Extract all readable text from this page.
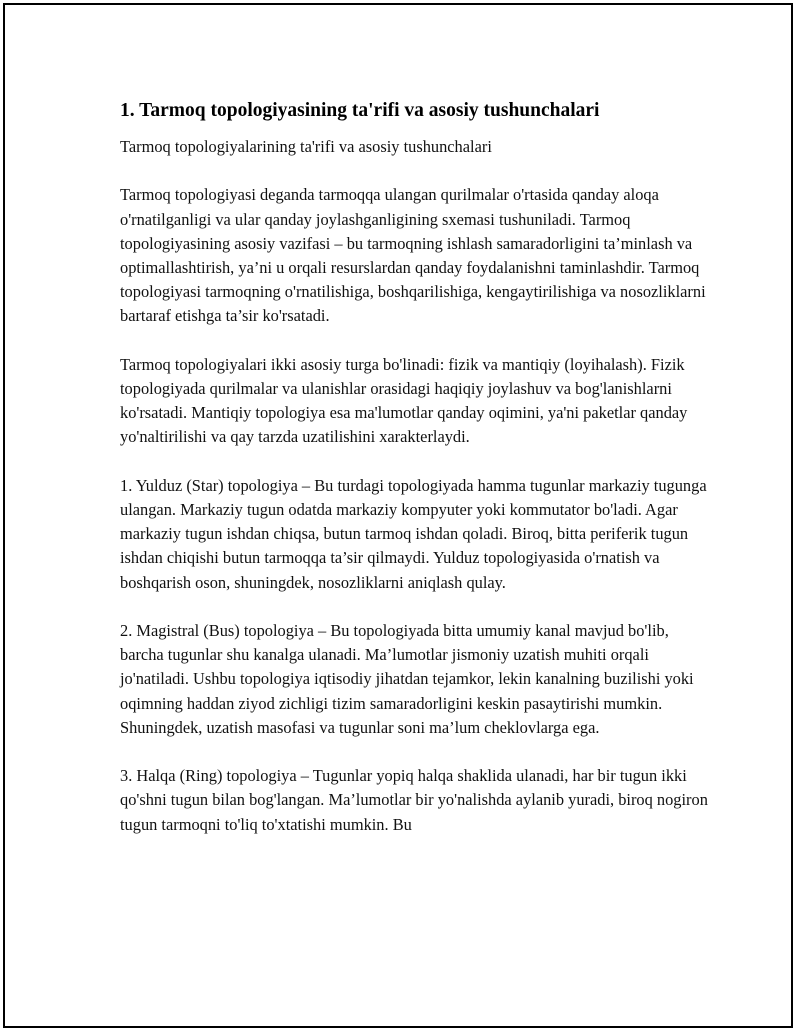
1. Tarmoq topologiyasining ta'rifi va asosiy tushunchalari

Tarmoq topologiyalarining ta'rifi va asosiy tushunchalari

Tarmoq topologiyasi deganda tarmoqqa ulangan qurilmalar o'rtasida qanday aloqa o'rnatilganligi va ular qanday joylashganligining sxemasi tushuniladi. Tarmoq topologiyasining asosiy vazifasi – bu tarmoqning ishlash samaradorligini ta’minlash va optimallashtirish, ya’ni u orqali resurslardan qanday foydalanishni taminlashdir. Tarmoq topologiyasi tarmoqning o'rnatilishiga, boshqarilishiga, kengaytirilishiga va nosozliklarni bartaraf etishga ta’sir ko'rsatadi.

Tarmoq topologiyalari ikki asosiy turga bo'linadi: fizik va mantiqiy (loyihalash). Fizik topologiyada qurilmalar va ulanishlar orasidagi haqiqiy joylashuv va bog'lanishlarni ko'rsatadi. Mantiqiy topologiya esa ma'lumotlar qanday oqimini, ya'ni paketlar qanday yo'naltirilishi va qay tarzda uzatilishini xarakterlaydi.

1. Yulduz (Star) topologiya – Bu turdagi topologiyada hamma tugunlar markaziy tugunga ulangan. Markaziy tugun odatda markaziy kompyuter yoki kommutator bo'ladi. Agar markaziy tugun ishdan chiqsa, butun tarmoq ishdan qoladi. Biroq, bitta periferik tugun ishdan chiqishi butun tarmoqqa ta’sir qilmaydi. Yulduz topologiyasida o'rnatish va boshqarish oson, shuningdek, nosozliklarni aniqlash qulay.

2. Magistral (Bus) topologiya – Bu topologiyada bitta umumiy kanal mavjud bo'lib, barcha tugunlar shu kanalga ulanadi. Ma’lumotlar jismoniy uzatish muhiti orqali jo'natiladi. Ushbu topologiya iqtisodiy jihatdan tejamkor, lekin kanalning buzilishi yoki oqimning haddan ziyod zichligi tizim samaradorligini keskin pasaytirishi mumkin. Shuningdek, uzatish masofasi va tugunlar soni ma’lum cheklovlarga ega.

3. Halqa (Ring) topologiya – Tugunlar yopiq halqa shaklida ulanadi, har bir tugun ikki qo'shni tugun bilan bog'langan. Ma’lumotlar bir yo'nalishda aylanib yuradi, biroq nogiron tugun tarmoqni to'liq to'xtatishi mumkin. Bu
